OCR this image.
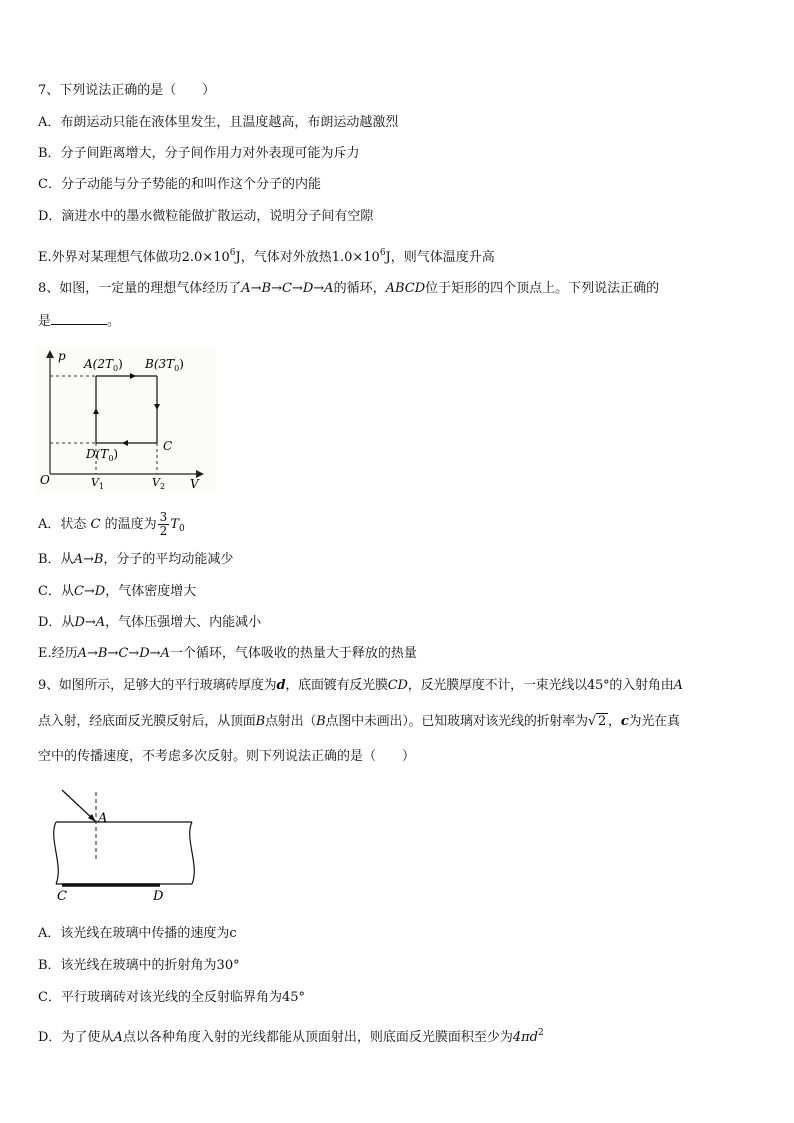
7、下列说法正确的是（　　）
A．布朗运动只能在液体里发生，且温度越高，布朗运动越激烈
B．分子间距离增大，分子间作用力对外表现可能为斥力
C．分子动能与分子势能的和叫作这个分子的内能
D．滴进水中的墨水微粒能做扩散运动，说明分子间有空隙
E.外界对某理想气体做功$2.0\times 10^6J$，气体对外放热$1.0\times 10^6J$，则气体温度升高
8、如图，一定量的理想气体经历了A→B→C→D→A的循环，ABCD位于矩形的四个顶点上。下列说法正确的
是	。
p
V
O
$A(2T_0)$ $B(3T_0)$
C
$D(T_0)$
$V_1$	$V_2$
A．状态 C 的温度为 $\frac{3}{2} T_0$
B．从A→B，分子的平均动能减少
C．从C→D，气体密度增大
D．从D→A，气体压强增大、内能减小
E.经历A→B→C→D→A一个循环，气体吸收的热量大于释放的热量
9、如图所示，足够大的平行玻璃砖厚度为d，底面镀有反光膜CD，反光膜厚度不计，一束光线以45°的入射角由A
点入射，经底面反光膜反射后，从顶面B点射出（B点图中未画出）。已知玻璃对该光线的折射率为√ 2 ，c为光在真
空中的传播速度，不考虑多次反射。则下列说法正确的是（　　）
A
C	D
A．该光线在玻璃中传播的速度为c
B．该光线在玻璃中的折射角为30°
C．平行玻璃砖对该光线的全反射临界角为45°
D．为了使从A点以各种角度入射的光线都能从顶面射出，则底面反光膜面积至少为$4\pi d^2$
